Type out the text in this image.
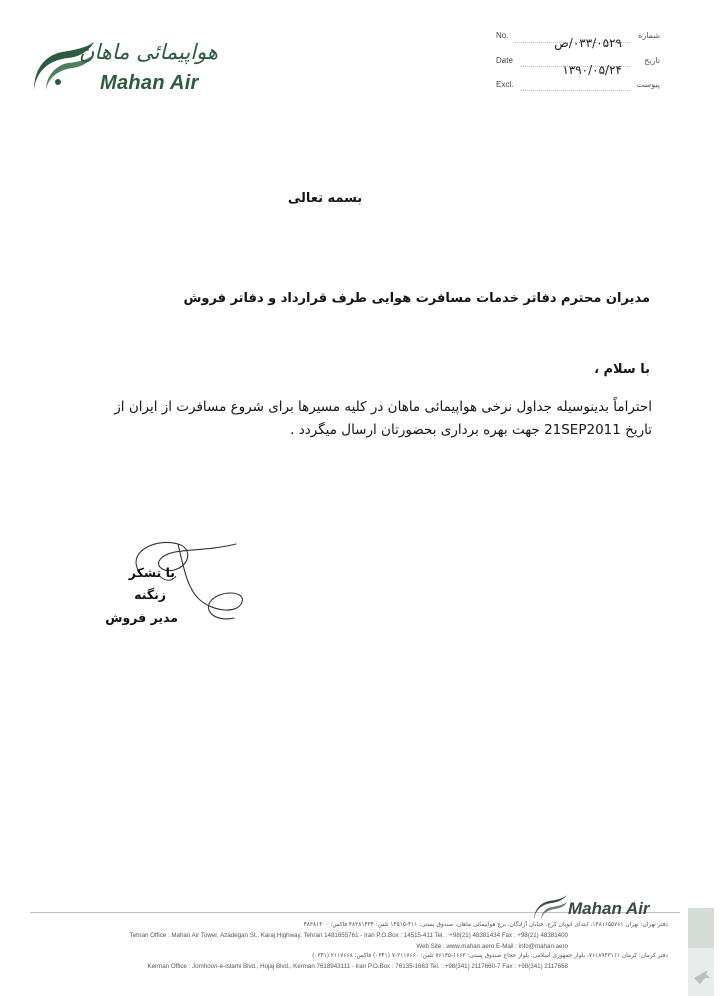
هواپیمائی ماهان
Mahan Air
No.
۰۳۳/۰۵۲۹/ص
شماره
Date
۱۳۹۰/۰۵/۲۴
تاریخ
Excl.	پیوست
بسمه تعالی
مدیران محترم دفاتر خدمات مسافرت هوایی طرف قرارداد و دفاتر فروش
با سلام ،
احتراماً بدینوسیله جداول نرخی هواپیمائی ماهان در کلیه مسیرها برای شروع مسافرت از ایران از
تاریخ 21SEP2011 جهت بهره برداری بحضورتان ارسال میگردد .
با تشکر
زنگنه
مدیر فروش
Mahan Air
دفتر تهران: تهران ۱۴۸۱۶۵۵۷۶۱، ابتدای اتوبان کرج، خیابان آزادگان، برج هواپیمائی ماهان، صندوق پستی: ۴۱۱-۱۴۵۱۵ تلفن: ۴۸۳۸۱۴۳۴ فاکس: ۴۸۳۸۱۴۰۰
Tehran Office : Mahan Air Tower, Azadegan St., Karaj Highway, Tehran 1481655761 - Iran P.O.Box : 14515-411 Tel. : +98(21) 48381434 Fax : +98(21) 48381400
Web Site : www.mahan.aero E-Mail : info@mahan.aero
دفتر کرمان: کرمان ۷۶۱۸۹۴۳۱۱۱، بلوار جمهوری اسلامی، بلوار حجاج صندوق پستی: ۱۶۶۳-۷۶۱۳۵ تلفن: ۲۱۱۷۶۶۰-۷ (۰۳۴۱) فاکس: ۲۱۱۷۶۶۸ (۰۳۴۱)
Kerman Office : Jomhoori-e-Islami Blvd., Hojaj Blvd., Kerman 7618943111 - Iran P.O.Box : 76135-1663 Tel. : +98(341) 2117660-7 Fax : +98(341) 2117668
